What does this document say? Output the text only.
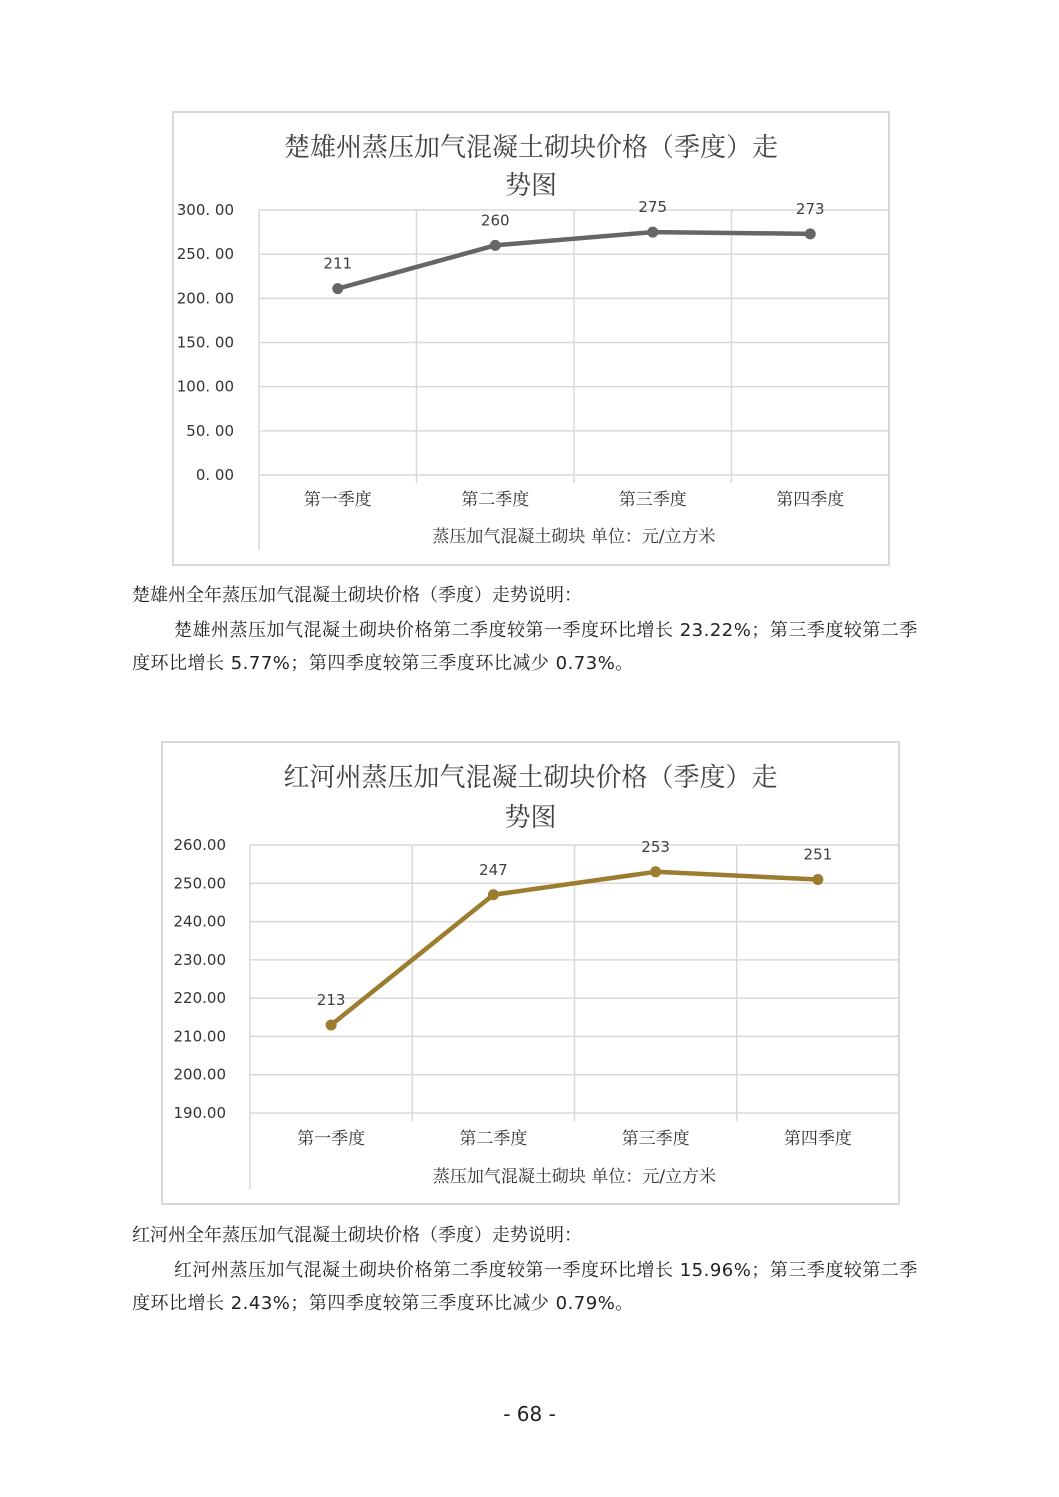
楚雄州蒸压加气混凝土砌块价格（季度）走
势图
0. 00
50. 00
100. 00
150. 00
200. 00
250. 00
300. 00
第一季度	第二季度	第三季度	第四季度
蒸压加气混凝土砌块 单位：元/立方米
211
260
275	273

楚雄州全年蒸压加气混凝土砌块价格（季度）走势说明：

楚雄州蒸压加气混凝土砌块价格第二季度较第一季度环比增长 23.22%；第三季度较第二季度环比增长 5.77%；第四季度较第三季度环比减少 0.73%。

红河州蒸压加气混凝土砌块价格（季度）走
势图
190.00
200.00
210.00
220.00
230.00
240.00
250.00
260.00
第一季度	第二季度	第三季度	第四季度
蒸压加气混凝土砌块 单位：元/立方米
213
247
253	251

红河州全年蒸压加气混凝土砌块价格（季度）走势说明：

红河州蒸压加气混凝土砌块价格第二季度较第一季度环比增长 15.96%；第三季度较第二季度环比增长 2.43%；第四季度较第三季度环比减少 0.79%。

- 68 -
